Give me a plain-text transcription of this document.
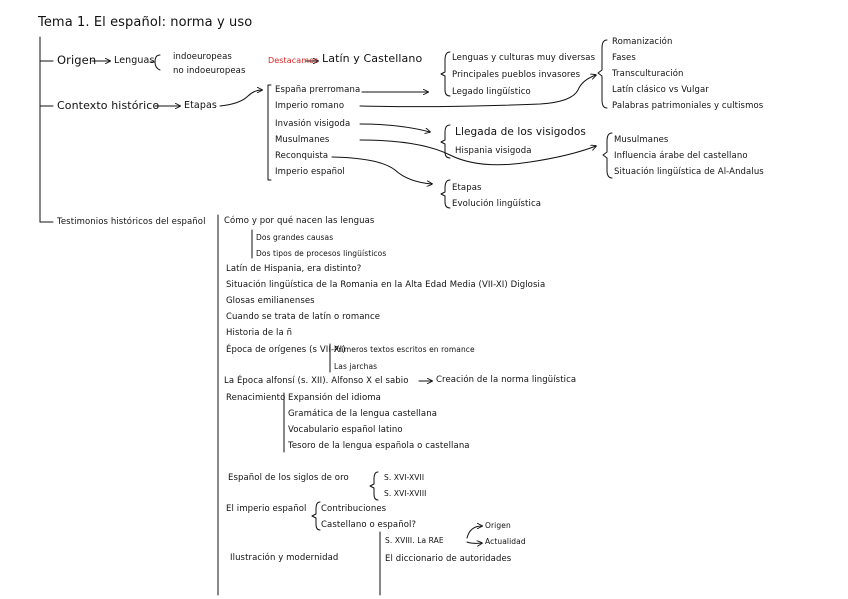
Tema 1. El español: norma y uso
Origen Lenguas indoeuropeas
no indoeuropeas
Destacamos Latín y Castellano	Lenguas y culturas muy diversas
Principales pueblos invasores
Legado lingüístico
Romanización
Fases
Transculturación
Latín clásico vs Vulgar
Palabras patrimoniales y cultismos
Contexto histórico	Etapas
España prerromana
Imperio romano
Invasión visigoda
Musulmanes
Reconquista
Imperio español
Llegada de los visigodos
Hispania visigoda
Musulmanes
Influencia árabe del castellano
Situación lingüística de Al-Andalus
Etapas
Evolución lingüística
Testimonios históricos del español Cómo y por qué nacen las lenguas
Dos grandes causas
Dos tipos de procesos lingüísticos
Latín de Hispania, era distinto?
Situación lingüística de la Romania en la Alta Edad Media (VII-XI) Diglosia
Glosas emilianenses
Cuando se trata de latín o romance
Historia de la ñ
Época de orígenes (s VII-XI)
Primeros textos escritos en romance
Las jarchas
La Época alfonsí (s. XII). Alfonso X el sabio	Creación de la norma lingüística
Renacimiento Expansión del idioma
Gramática de la lengua castellana
Vocabulario español latino
Tesoro de la lengua española o castellana
Español de los siglos de oro	S. XVI-XVII
S. XVI-XVIII
El imperio español Contribuciones
Castellano o español?
Ilustración y modernidad
S. XVIII. La RAE
Origen
Actualidad
El diccionario de autoridades
